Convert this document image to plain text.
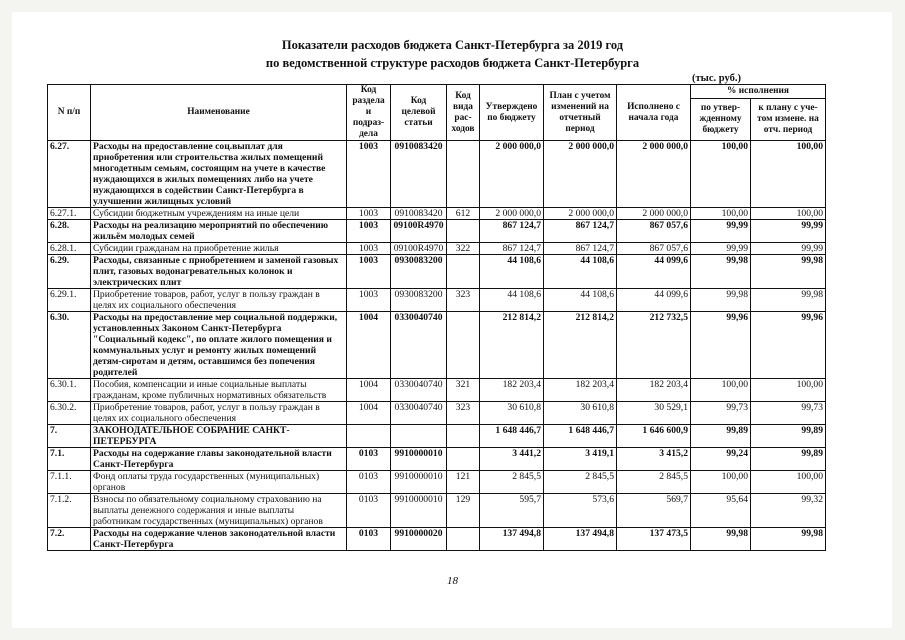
Показатели расходов бюджета Санкт-Петербурга за 2019 год
по ведомственной структуре расходов бюджета Санкт-Петербурга
(тыс. руб.)
N п/п	Наименование	Код раздела и подраз-дела	Код целевой статьи	Код вида рас-ходов	Утверждено по бюджету	План с учетом изменений на отчетный период	Исполнено с начала года	% исполнения	
								по утвер-жденному бюджету	к плану с уче-том измене. на отч. период
6.27.	Расходы на предоставление соц.выплат для приобретения или строительства жилых помещений многодетным семьям, состоящим на учете в качестве нуждающихся в жилых помещениях либо на учете нуждающихся в содействии Санкт-Петербурга в улучшении жилищных условий	1003	0910083420		2 000 000,0	2 000 000,0	2 000 000,0	100,00	100,00
6.27.1.	Субсидии бюджетным учреждениям на иные цели	1003	0910083420	612	2 000 000,0	2 000 000,0	2 000 000,0	100,00	100,00
6.28.	Расходы на реализацию мероприятий по обеспечению жильём молодых семей	1003	09100R4970		867 124,7	867 124,7	867 057,6	99,99	99,99
6.28.1.	Субсидии гражданам на приобретение жилья	1003	09100R4970	322	867 124,7	867 124,7	867 057,6	99,99	99,99
6.29.	Расходы, связанные с приобретением и заменой газовых плит, газовых водонагревательных колонок и электрических плит	1003	0930083200		44 108,6	44 108,6	44 099,6	99,98	99,98
6.29.1.	Приобретение товаров, работ, услуг в пользу граждан в целях их социального обеспечения	1003	0930083200	323	44 108,6	44 108,6	44 099,6	99,98	99,98
6.30.	Расходы на предоставление мер социальной поддержки, установленных Законом Санкт-Петербурга "Социальный кодекс", по оплате жилого помещения и коммунальных услуг и ремонту жилых помещений детям-сиротам и детям, оставшимся без попечения родителей	1004	0330040740		212 814,2	212 814,2	212 732,5	99,96	99,96
6.30.1.	Пособия, компенсации и иные социальные выплаты гражданам, кроме публичных нормативных обязательств	1004	0330040740	321	182 203,4	182 203,4	182 203,4	100,00	100,00
6.30.2.	Приобретение товаров, работ, услуг в пользу граждан в целях их социального обеспечения	1004	0330040740	323	30 610,8	30 610,8	30 529,1	99,73	99,73
7.	ЗАКОНОДАТЕЛЬНОЕ СОБРАНИЕ САНКТ-ПЕТЕРБУРГА				1 648 446,7	1 648 446,7	1 646 600,9	99,89	99,89
7.1.	Расходы на содержание главы законодательной власти Санкт-Петербурга	0103	9910000010		3 441,2	3 419,1	3 415,2	99,24	99,89
7.1.1.	Фонд оплаты труда государственных (муниципальных) органов	0103	9910000010	121	2 845,5	2 845,5	2 845,5	100,00	100,00
7.1.2.	Взносы по обязательному социальному страхованию на выплаты денежного содержания и иные выплаты работникам государственных (муниципальных) органов	0103	9910000010	129	595,7	573,6	569,7	95,64	99,32
7.2.	Расходы на содержание членов законодательной власти Санкт-Петербурга	0103	9910000020		137 494,8	137 494,8	137 473,5	99,98	99,98
18
